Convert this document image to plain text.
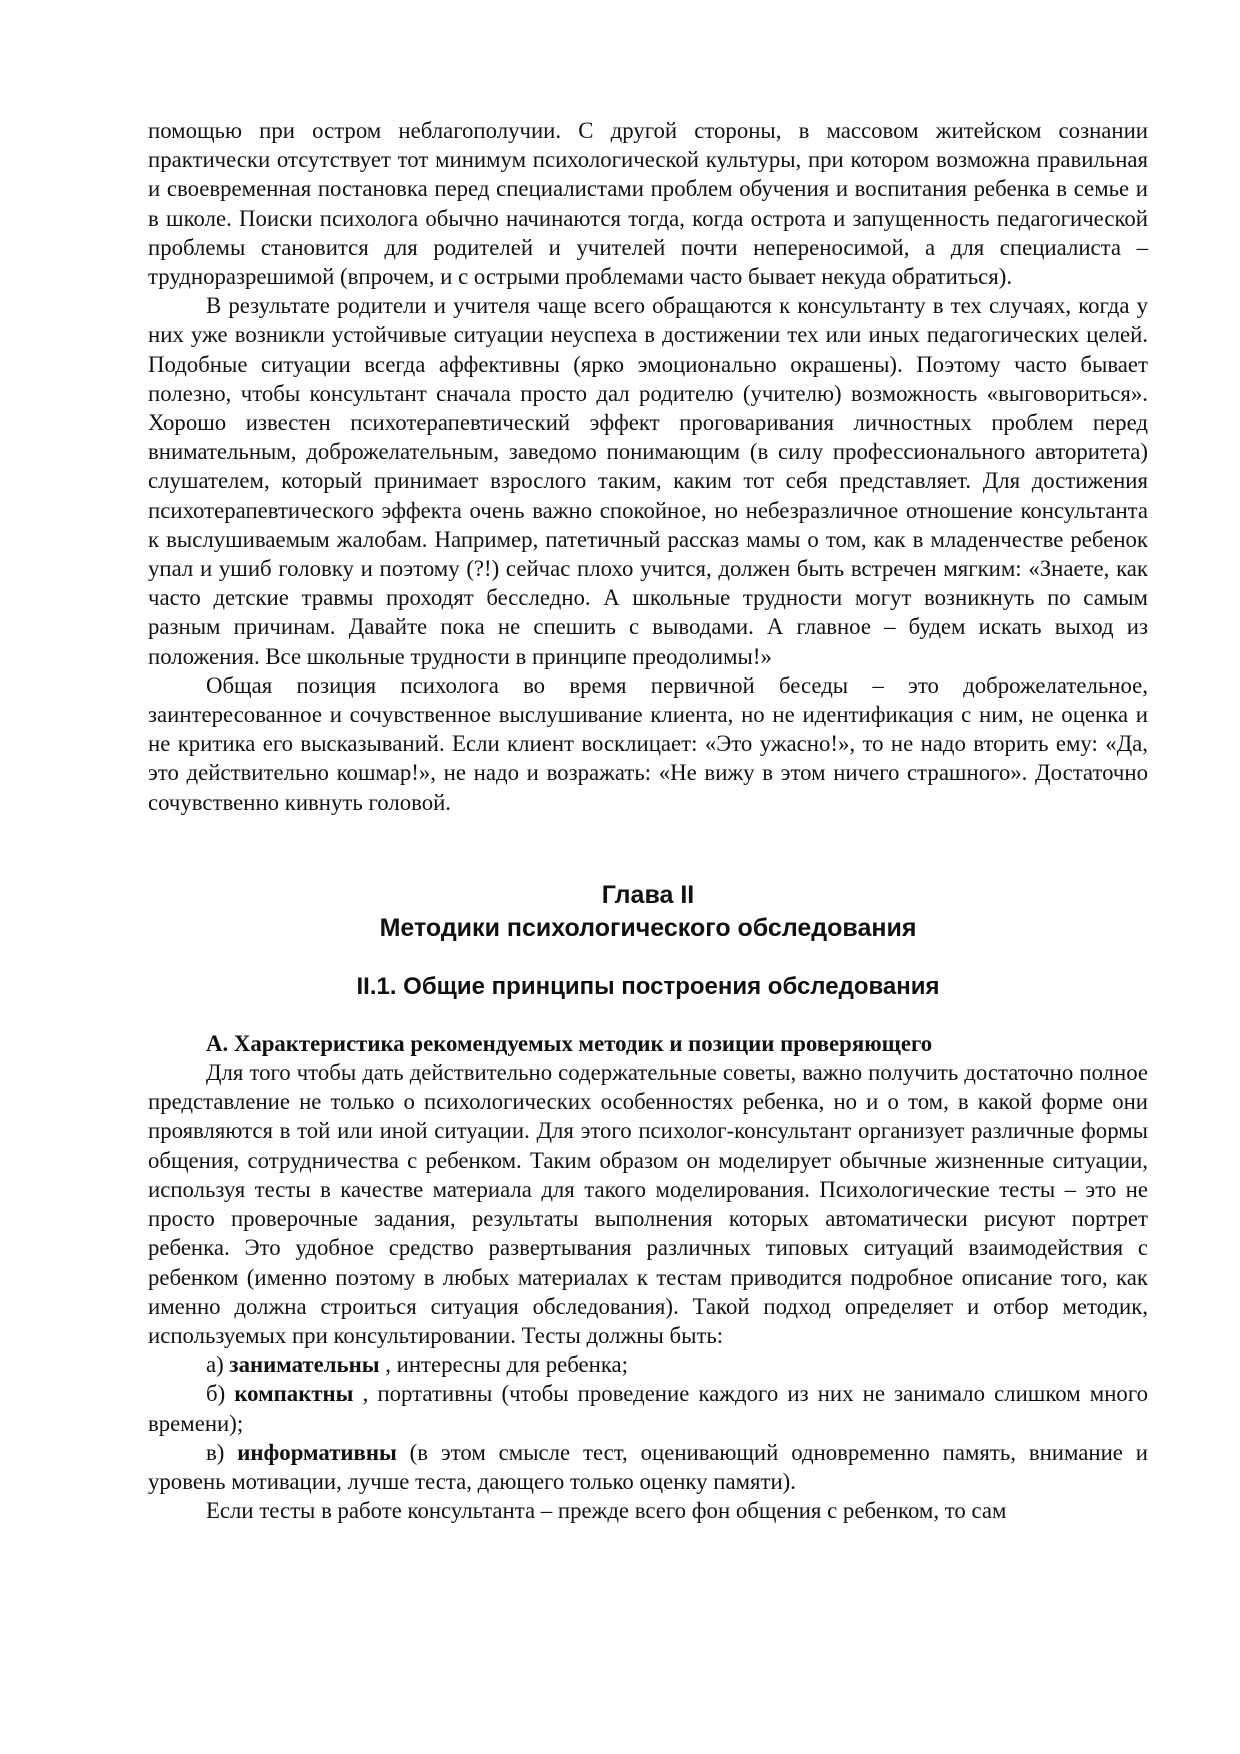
помощью при остром неблагополучии. С другой стороны, в массовом житейском сознании практически отсутствует тот минимум психологической культуры, при котором возможна правильная и своевременная постановка перед специалистами проблем обучения и воспитания ребенка в семье и в школе. Поиски психолога обычно начинаются тогда, когда острота и запущенность педагогической проблемы становится для родителей и учителей почти непереносимой, а для специалиста – трудноразрешимой (впрочем, и с острыми проблемами часто бывает некуда обратиться).

В результате родители и учителя чаще всего обращаются к консультанту в тех случаях, когда у них уже возникли устойчивые ситуации неуспеха в достижении тех или иных педагогических целей. Подобные ситуации всегда аффективны (ярко эмоционально окрашены). Поэтому часто бывает полезно, чтобы консультант сначала просто дал родителю (учителю) возможность «выговориться». Хорошо известен психотерапевтический эффект проговаривания личностных проблем перед внимательным, доброжелательным, заведомо понимающим (в силу профессионального авторитета) слушателем, который принимает взрослого таким, каким тот себя представляет. Для достижения психотерапевтического эффекта очень важно спокойное, но небезразличное отношение консультанта к выслушиваемым жалобам. Например, патетичный рассказ мамы о том, как в младенчестве ребенок упал и ушиб головку и поэтому (?!) сейчас плохо учится, должен быть встречен мягким: «Знаете, как часто детские травмы проходят бесследно. А школьные трудности могут возникнуть по самым разным причинам. Давайте пока не спешить с выводами. А главное – будем искать выход из положения. Все школьные трудности в принципе преодолимы!»

Общая позиция психолога во время первичной беседы – это доброжелательное, заинтересованное и сочувственное выслушивание клиента, но не идентификация с ним, не оценка и не критика его высказываний. Если клиент восклицает: «Это ужасно!», то не надо вторить ему: «Да, это действительно кошмар!», не надо и возражать: «Не вижу в этом ничего страшного». Достаточно сочувственно кивнуть головой.

Глава II
Методики психологического обследования
II.1. Общие принципы построения обследования

А. Характеристика рекомендуемых методик и позиции проверяющего

Для того чтобы дать действительно содержательные советы, важно получить достаточно полное представление не только о психологических особенностях ребенка, но и о том, в какой форме они проявляются в той или иной ситуации. Для этого психолог-консультант организует различные формы общения, сотрудничества с ребенком. Таким образом он моделирует обычные жизненные ситуации, используя тесты в качестве материала для такого моделирования. Психологические тесты – это не просто проверочные задания, результаты выполнения которых автоматически рисуют портрет ребенка. Это удобное средство развертывания различных типовых ситуаций взаимодействия с ребенком (именно поэтому в любых материалах к тестам приводится подробное описание того, как именно должна строиться ситуация обследования). Такой подход определяет и отбор методик, используемых при консультировании. Тесты должны быть:

а) занимательны , интересны для ребенка;

б) компактны , портативны (чтобы проведение каждого из них не занимало слишком много времени);

в) информативны (в этом смысле тест, оценивающий одновременно память, внимание и уровень мотивации, лучше теста, дающего только оценку памяти).

Если тесты в работе консультанта – прежде всего фон общения с ребенком, то сам
